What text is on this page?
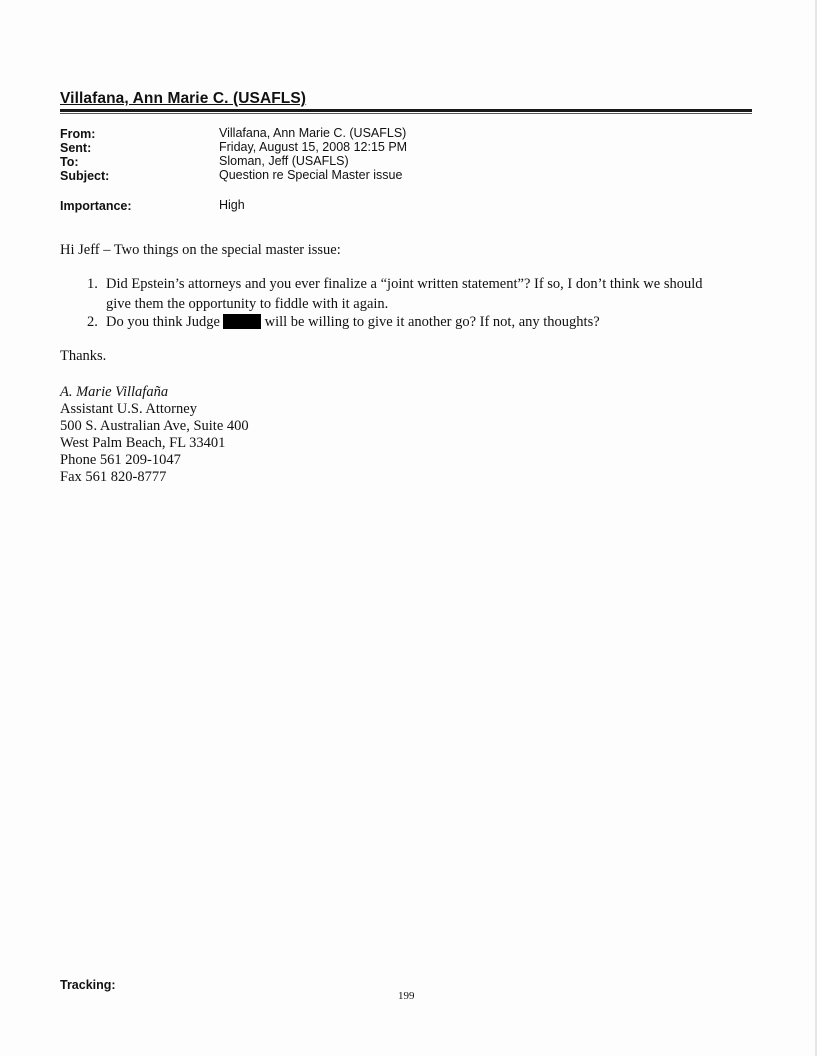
Villafana, Ann Marie C. (USAFLS)
From:	Villafana, Ann Marie C. (USAFLS)
Sent:	Friday, August 15, 2008 12:15 PM
To:	Sloman, Jeff (USAFLS)
Subject:	Question re Special Master issue
Importance:	High
Hi Jeff – Two things on the special master issue:
1. Did Epstein’s attorneys and you ever finalize a “joint written statement”? If so, I don’t think we should
give them the opportunity to fiddle with it again.
2. Do you think Judge	will be willing to give it another go? If not, any thoughts?
Thanks.
A. Marie Villafaña
Assistant U.S. Attorney
500 S. Australian Ave, Suite 400
West Palm Beach, FL 33401
Phone 561 209-1047
Fax 561 820-8777
Tracking:
199
